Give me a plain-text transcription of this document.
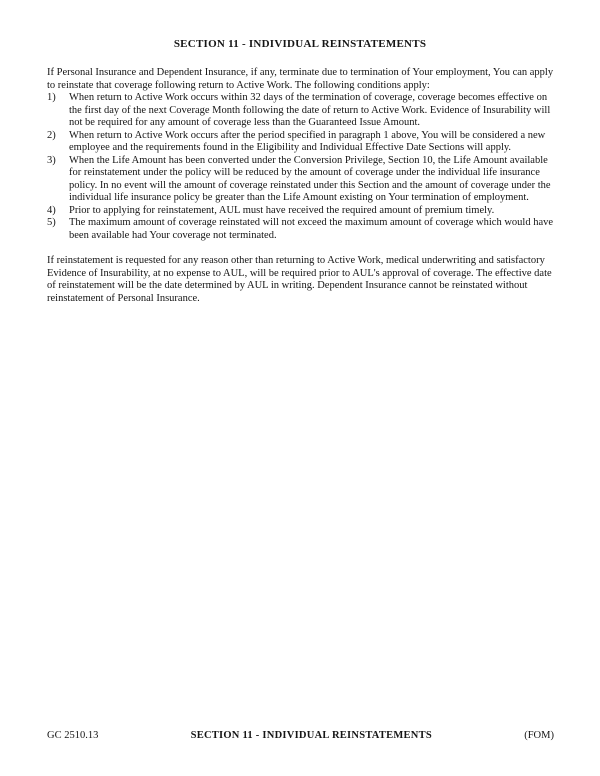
SECTION 11 - INDIVIDUAL REINSTATEMENTS

If Personal Insurance and Dependent Insurance, if any, terminate due to termination of Your employment, You can apply to reinstate that coverage following return to Active Work. The following conditions apply:

1)	When return to Active Work occurs within 32 days of the termination of coverage, coverage becomes effective on the first day of the next Coverage Month following the date of return to Active Work. Evidence of Insurability will not be required for any amount of coverage less than the Guaranteed Issue Amount.
2)	When return to Active Work occurs after the period specified in paragraph 1 above, You will be considered a new employee and the requirements found in the Eligibility and Individual Effective Date Sections will apply.
3)	When the Life Amount has been converted under the Conversion Privilege, Section 10, the Life Amount available for reinstatement under the policy will be reduced by the amount of coverage under the individual life insurance policy. In no event will the amount of coverage reinstated under this Section and the amount of coverage under the individual life insurance policy be greater than the Life Amount existing on Your termination of employment.
4)	Prior to applying for reinstatement, AUL must have received the required amount of premium timely.
5)	The maximum amount of coverage reinstated will not exceed the maximum amount of coverage which would have been available had Your coverage not terminated.

If reinstatement is requested for any reason other than returning to Active Work, medical underwriting and satisfactory Evidence of Insurability, at no expense to AUL, will be required prior to AUL's approval of coverage. The effective date of reinstatement will be the date determined by AUL in writing. Dependent Insurance cannot be reinstated without reinstatement of Personal Insurance.

GC 2510.13	SECTION 11 - INDIVIDUAL REINSTATEMENTS	(FOM)
